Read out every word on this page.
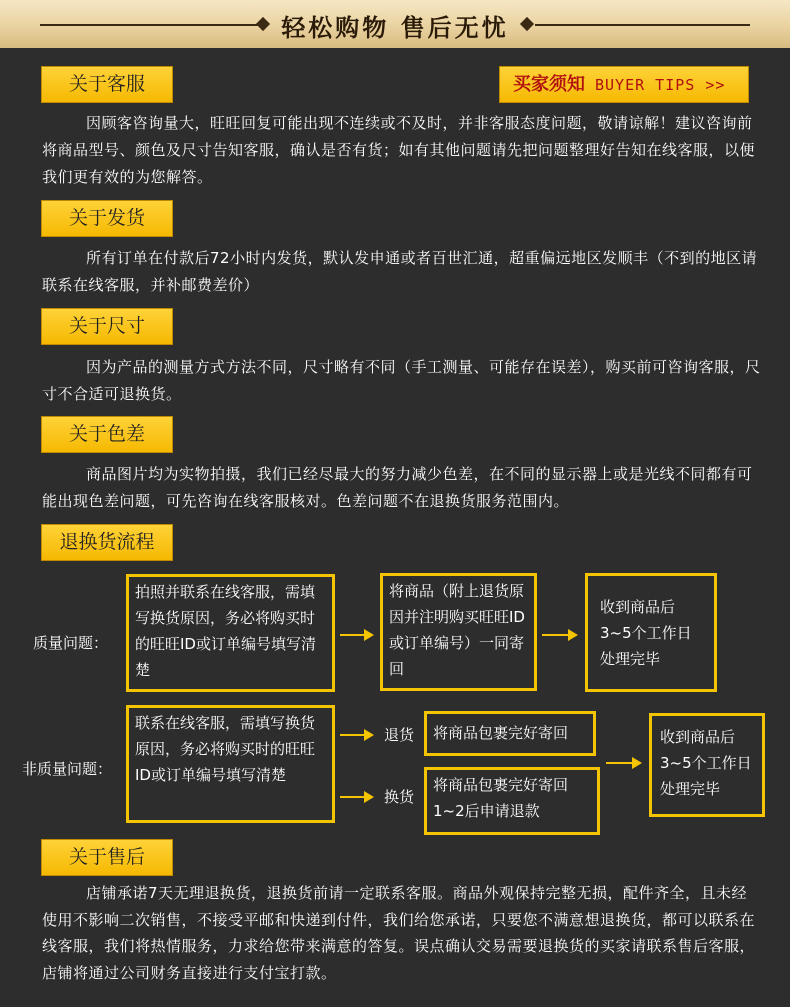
轻松购物 售后无忧
关于客服	买家须知 BUYER TIPS >>
因顾客咨询量大，旺旺回复可能出现不连续或不及时，并非客服态度问题，敬请谅解！建议咨询前将商品型号、颜色及尺寸告知客服，确认是否有货；如有其他问题请先把问题整理好告知在线客服，以便我们更有效的为您解答。
关于发货
所有订单在付款后72小时内发货，默认发申通或者百世汇通，超重偏远地区发顺丰（不到的地区请联系在线客服，并补邮费差价）
关于尺寸
因为产品的测量方式方法不同，尺寸略有不同（手工测量、可能存在误差），购买前可咨询客服，尺寸不合适可退换货。
关于色差
商品图片均为实物拍摄，我们已经尽最大的努力减少色差，在不同的显示器上或是光线不同都有可能出现色差问题，可先咨询在线客服核对。色差问题不在退换货服务范围内。
退换货流程
质量问题：
拍照并联系在线客服，需填写换货原因，务必将购买时的旺旺ID或订单编号填写清楚
将商品（附上退货原因并注明购买旺旺ID或订单编号）一同寄回
收到商品后3~5个工作日处理完毕
非质量问题：
联系在线客服，需填写换货原因，务必将购买时的旺旺ID或订单编号填写清楚
退货	将商品包裹完好寄回
换货
将商品包裹完好寄回1~2后申请退款
收到商品后3~5个工作日处理完毕
关于售后
店铺承诺7天无理退换货，退换货前请一定联系客服。商品外观保持完整无损，配件齐全，且未经使用不影响二次销售，不接受平邮和快递到付件，我们给您承诺，只要您不满意想退换货，都可以联系在线客服，我们将热情服务，力求给您带来满意的答复。误点确认交易需要退换货的买家请联系售后客服，店铺将通过公司财务直接进行支付宝打款。
